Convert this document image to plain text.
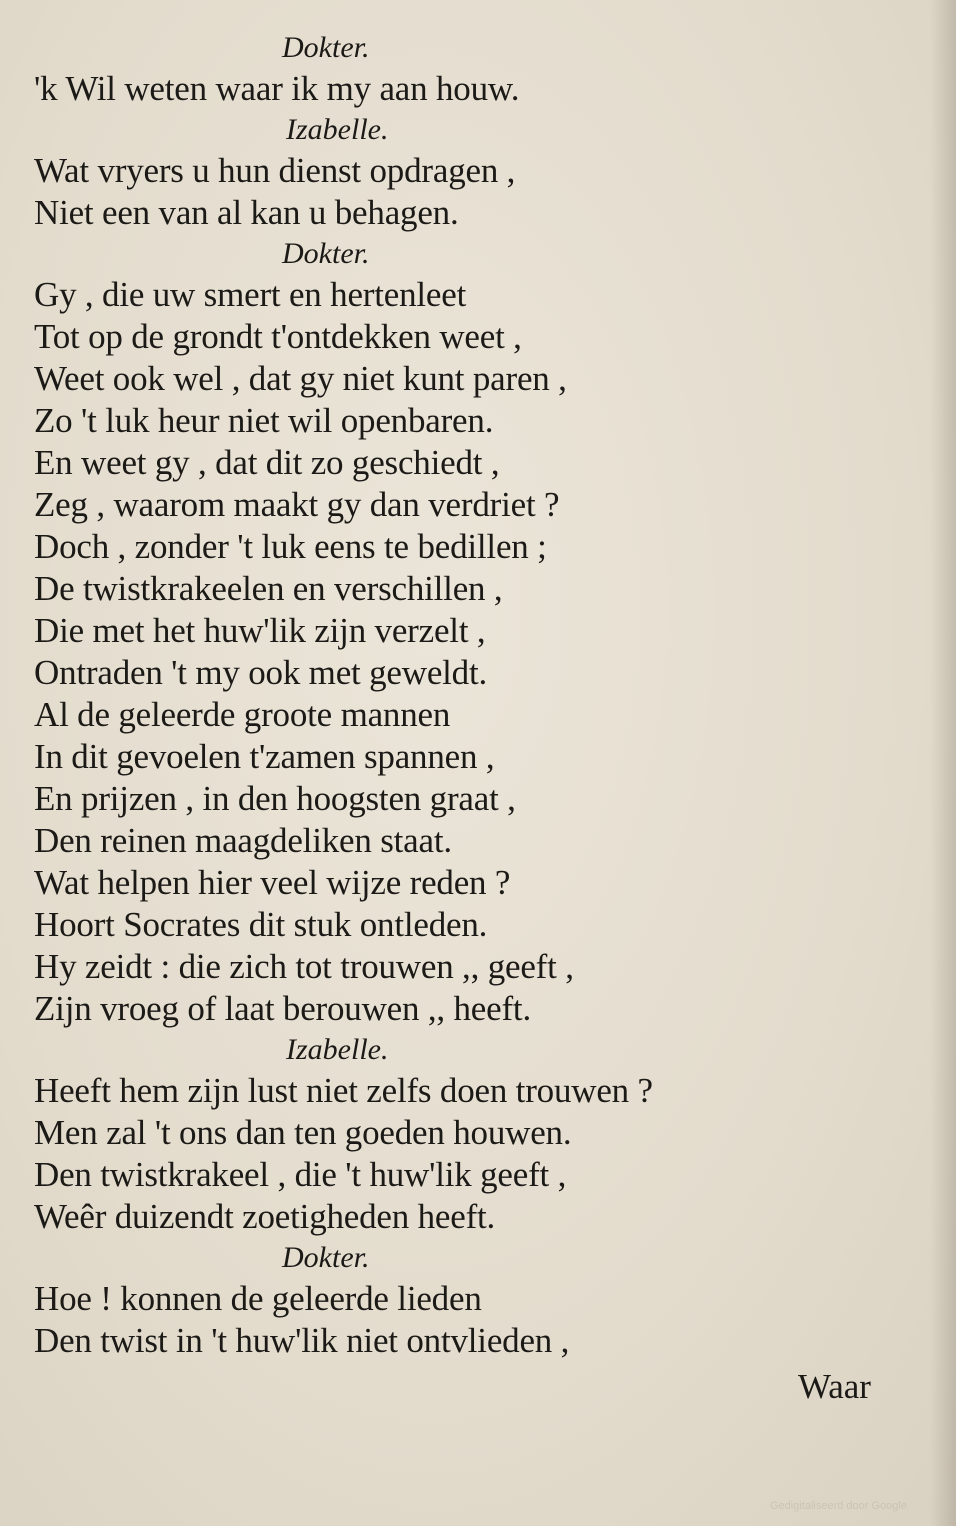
Dokter.
'k Wil weten waar ik my aan houw.
Izabelle.
Wat vryers u hun dienst opdragen ,
Niet een van al kan u behagen.
Dokter.
Gy , die uw smert en hertenleet
Tot op de grondt t'ontdekken weet ,
Weet ook wel , dat gy niet kunt paren ,
Zo 't luk heur niet wil openbaren.
En weet gy , dat dit zo geschiedt ,
Zeg , waarom maakt gy dan verdriet ?
Doch , zonder 't luk eens te bedillen ;
De twistkrakeelen en verschillen ,
Die met het huw'lik zijn verzelt ,
Ontraden 't my ook met geweldt.
Al de geleerde groote mannen
In dit gevoelen t'zamen spannen ,
En prijzen , in den hoogsten graat ,
Den reinen maagdeliken staat.
Wat helpen hier veel wijze reden ?
Hoort Socrates dit stuk ontleden.
Hy zeidt : die zich tot trouwen ,, geeft ,
Zijn vroeg of laat berouwen ,, heeft.
Izabelle.
Heeft hem zijn lust niet zelfs doen trouwen ?
Men zal 't ons dan ten goeden houwen.
Den twistkrakeel , die 't huw'lik geeft ,
Weêr duizendt zoetigheden heeft.
Dokter.
Hoe ! konnen de geleerde lieden
Den twist in 't huw'lik niet ontvlieden ,
Waar
Gedigitaliseerd door Google
